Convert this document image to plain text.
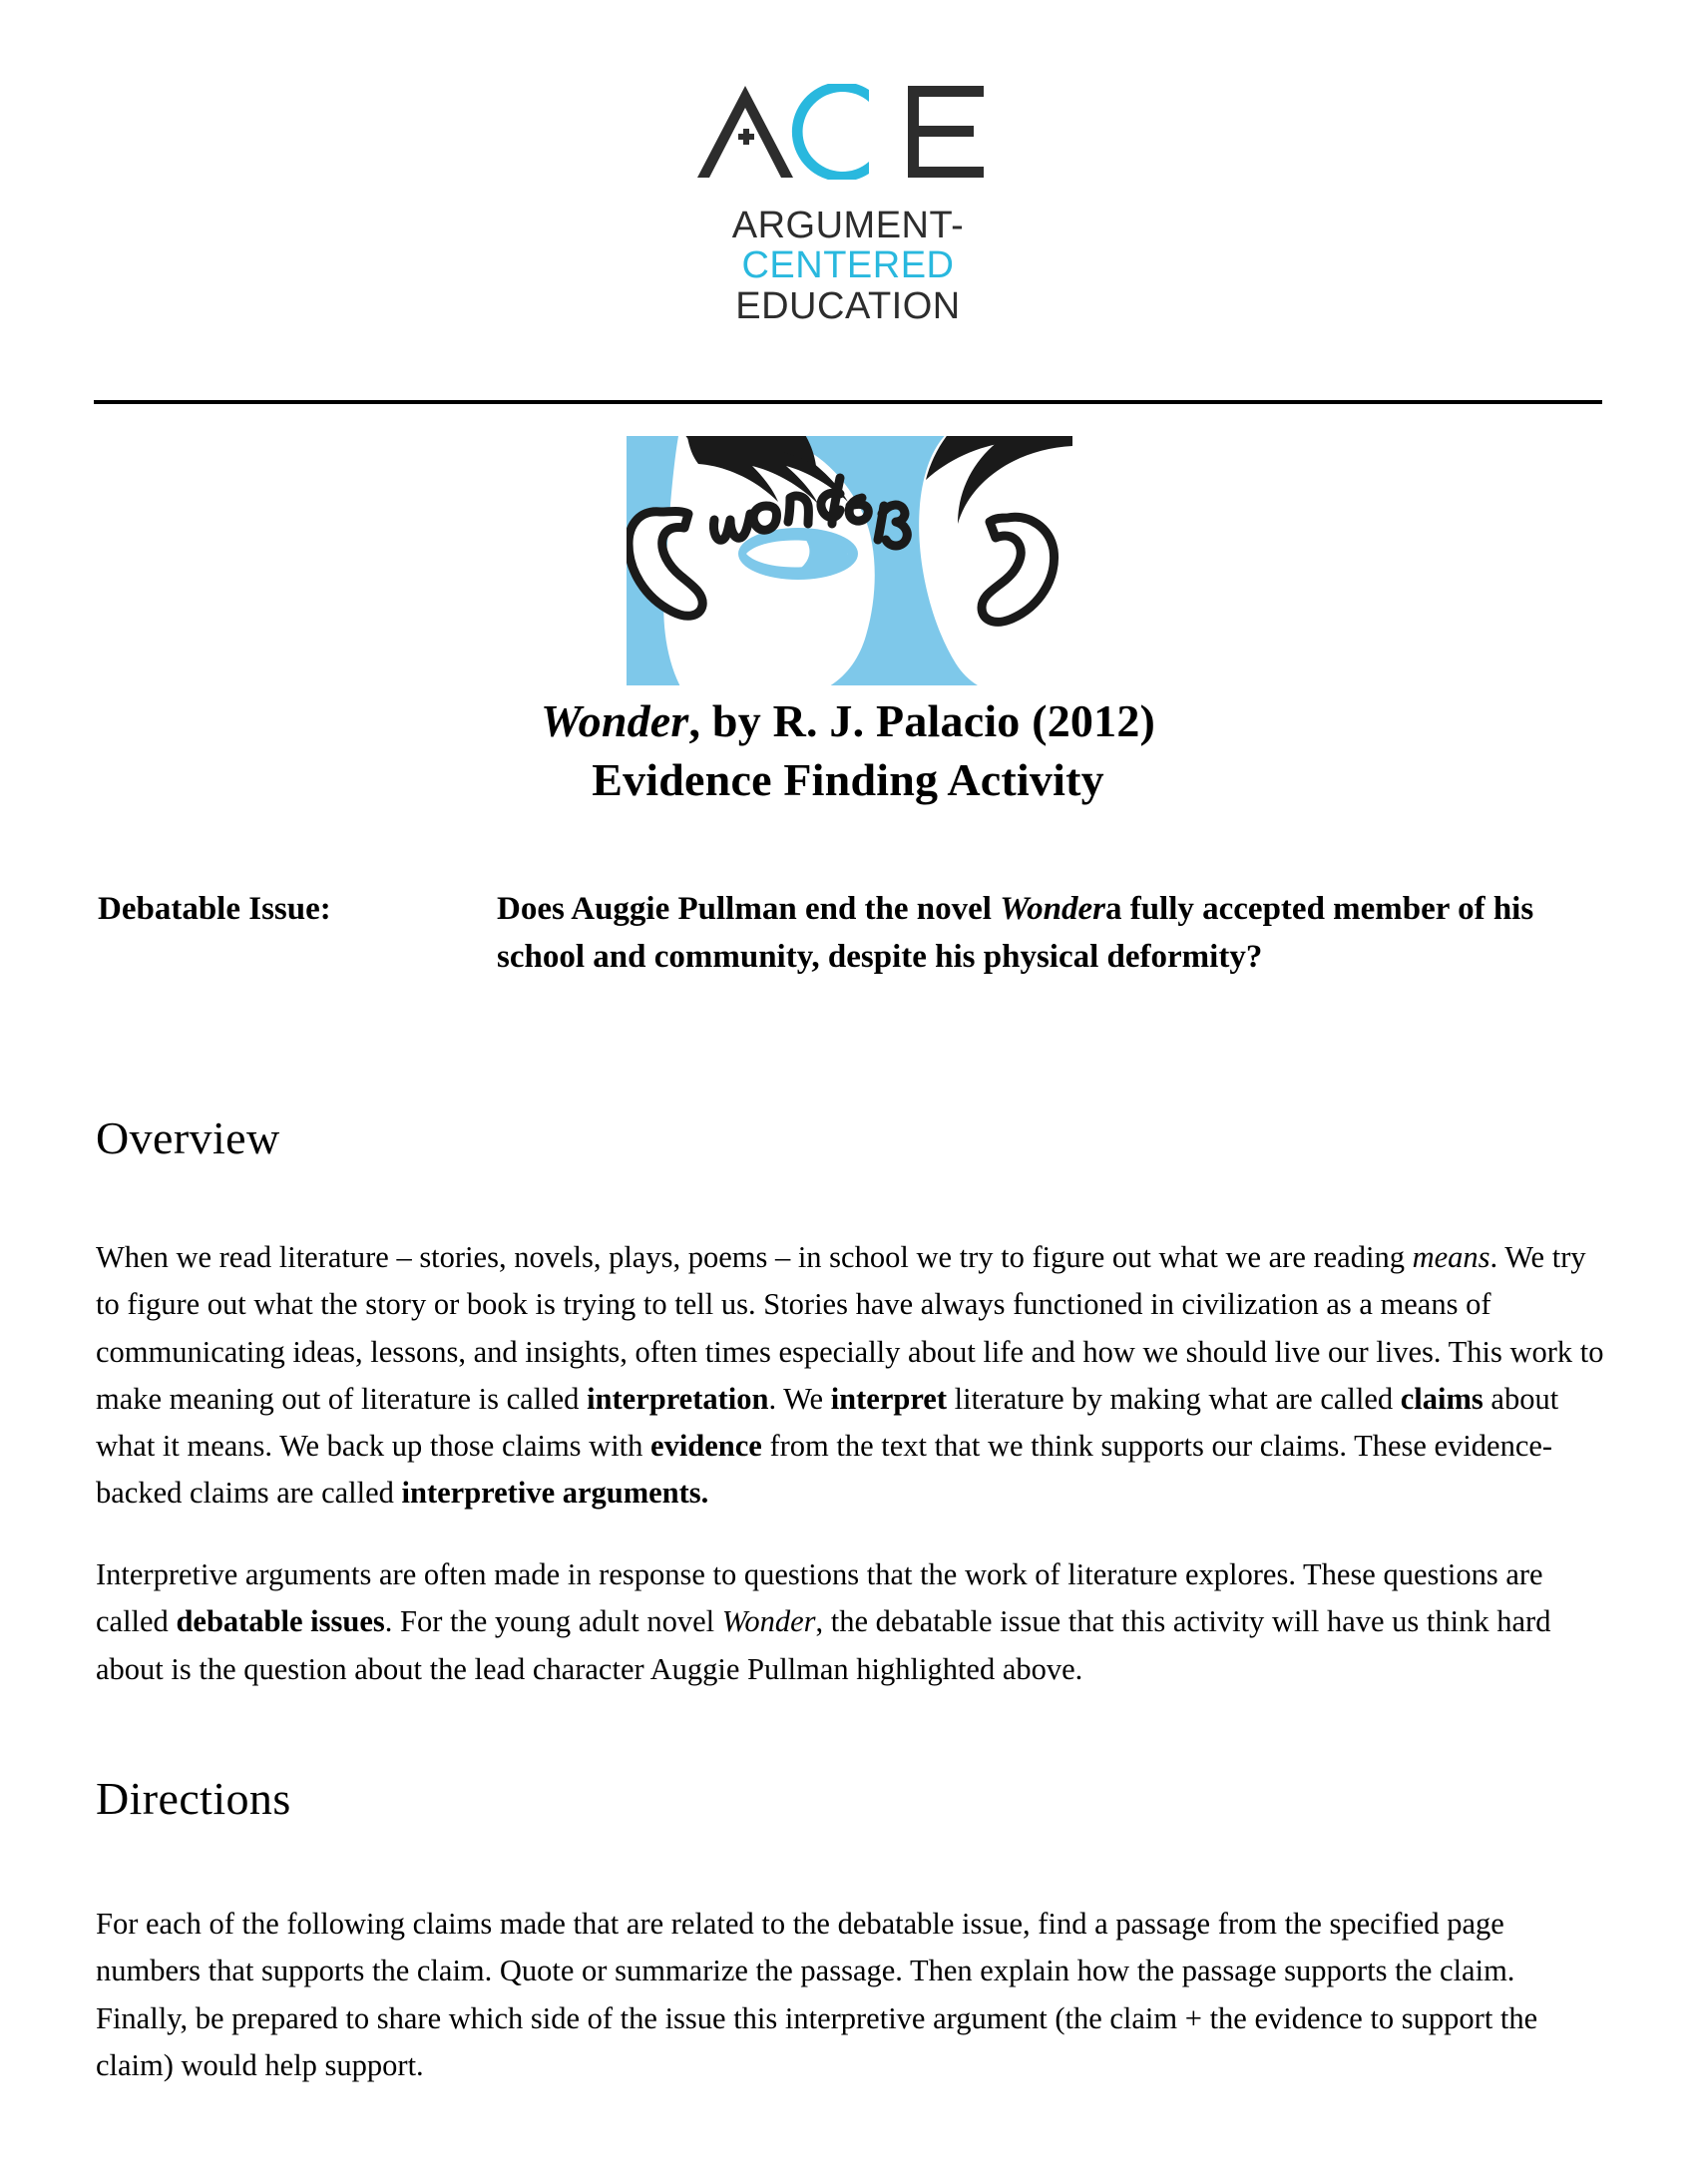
ARGUMENT-
CENTERED
EDUCATION
Wonder, by R. J. Palacio (2012)
Evidence Finding Activity
Debatable Issue:	Does Auggie Pullman end the novel Wondera fully accepted member of his school and community, despite his physical deformity?
Overview
When we read literature – stories, novels, plays, poems – in school we try to figure out what we are reading means. We try to figure out what the story or book is trying to tell us. Stories have always functioned in civilization as a means of communicating ideas, lessons, and insights, often times especially about life and how we should live our lives. This work to make meaning out of literature is called interpretation. We interpret literature by making what are called claims about what it means. We back up those claims with evidence from the text that we think supports our claims. These evidence-backed claims are called interpretive arguments.
Interpretive arguments are often made in response to questions that the work of literature explores. These questions are called debatable issues. For the young adult novel Wonder, the debatable issue that this activity will have us think hard about is the question about the lead character Auggie Pullman highlighted above.
Directions
For each of the following claims made that are related to the debatable issue, find a passage from the specified page numbers that supports the claim. Quote or summarize the passage. Then explain how the passage supports the claim. Finally, be prepared to share which side of the issue this interpretive argument (the claim + the evidence to support the claim) would help support.
